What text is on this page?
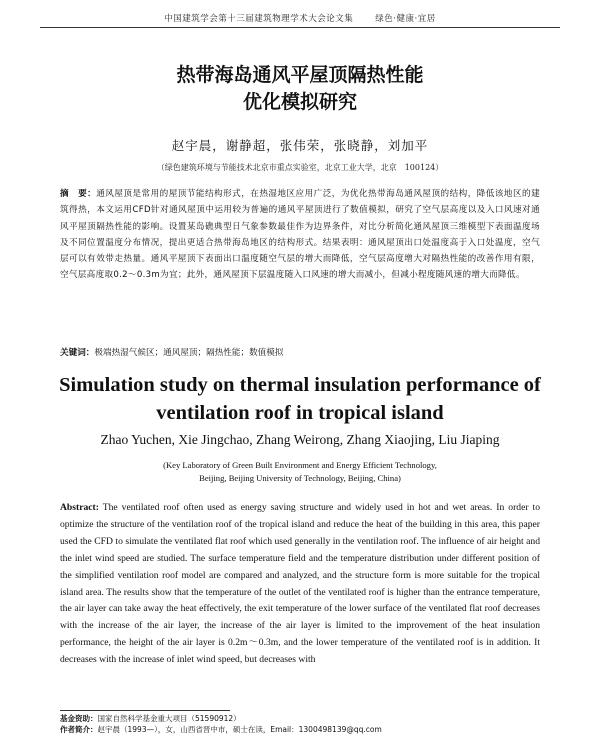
中国建筑学会第十三届建筑物理学术大会论文集	绿色·健康·宜居
热带海岛通风平屋顶隔热性能
优化模拟研究
赵宇晨，谢静超，张伟荣，张晓静，刘加平
（绿色建筑环境与节能技术北京市重点实验室，北京工业大学，北京　100124）
摘　要：通风屋顶是常用的屋顶节能结构形式，在热湿地区应用广泛，为优化热带海岛通风屋顶的结构，降低该地区的建筑得热，本文运用CFD针对通风屋顶中运用较为普遍的通风平屋顶进行了数值模拟，研究了空气层高度以及入口风速对通风平屋顶隔热性能的影响。设置某岛礁典型日气象参数最佳作为边界条件，对比分析简化通风屋顶三维模型下表面温度场及不同位置温度分布情况，提出更适合热带海岛地区的结构形式。结果表明：通风屋顶出口处温度高于入口处温度，空气层可以有效带走热量。通风平屋顶下表面出口温度随空气层的增大而降低，空气层高度增大对隔热性能的改善作用有限，空气层高度取0.2～0.3m为宜；此外，通风屋顶下层温度随入口风速的增大而减小，但减小程度随风速的增大而降低。
关键词：极端热湿气候区；通风屋顶；隔热性能；数值模拟
Simulation study on thermal insulation performance of
ventilation roof in tropical island
Zhao Yuchen, Xie Jingchao, Zhang Weirong, Zhang Xiaojing, Liu Jiaping
(Key Laboratory of Green Built Environment and Energy Efficient Technology,
Beijing, Beijing University of Technology, Beijing, China)
Abstract: The ventilated roof often used as energy saving structure and widely used in hot and wet areas. In order to optimize the structure of the ventilation roof of the tropical island and reduce the heat of the building in this area, this paper used the CFD to simulate the ventilated flat roof which used generally in the ventilation roof. The influence of air height and the inlet wind speed are studied. The surface temperature field and the temperature distribution under different position of the simplified ventilation roof model are compared and analyzed, and the structure form is more suitable for the tropical island area. The results show that the temperature of the outlet of the ventilated roof is higher than the entrance temperature, the air layer can take away the heat effectively, the exit temperature of the lower surface of the ventilated flat roof decreases with the increase of the air layer, the increase of the air layer is limited to the improvement of the heat insulation performance, the height of the air layer is 0.2m～0.3m, and the lower temperature of the ventilated roof is in addition. It decreases with the increase of inlet wind speed, but decreases with
基金资助：国家自然科学基金重大项目（51590912）
作者简介：赵宇晨（1993—），女，山西省晋中市，硕士在读，Email：1300498139@qq.com
